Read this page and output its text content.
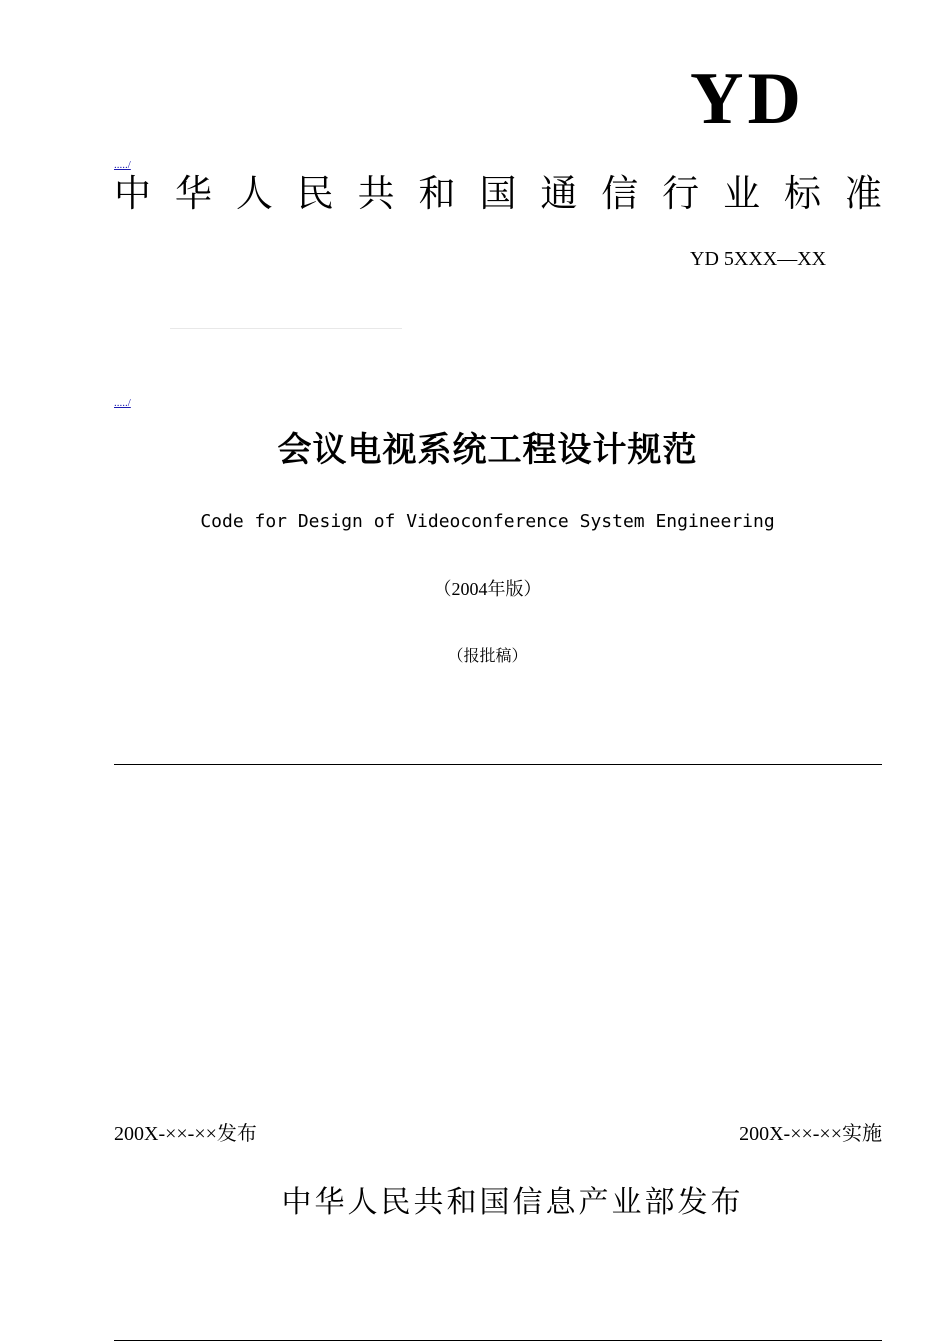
YD
...../
中 华 人 民 共 和 国 通 信 行 业 标 准
YD 5XXX—XX
...../
会议电视系统工程设计规范
Code for Design of Videoconference System Engineering
（2004年版）
（报批稿）
200X-××-××发布	200X-××-××实施
中华人民共和国信息产业部发布
